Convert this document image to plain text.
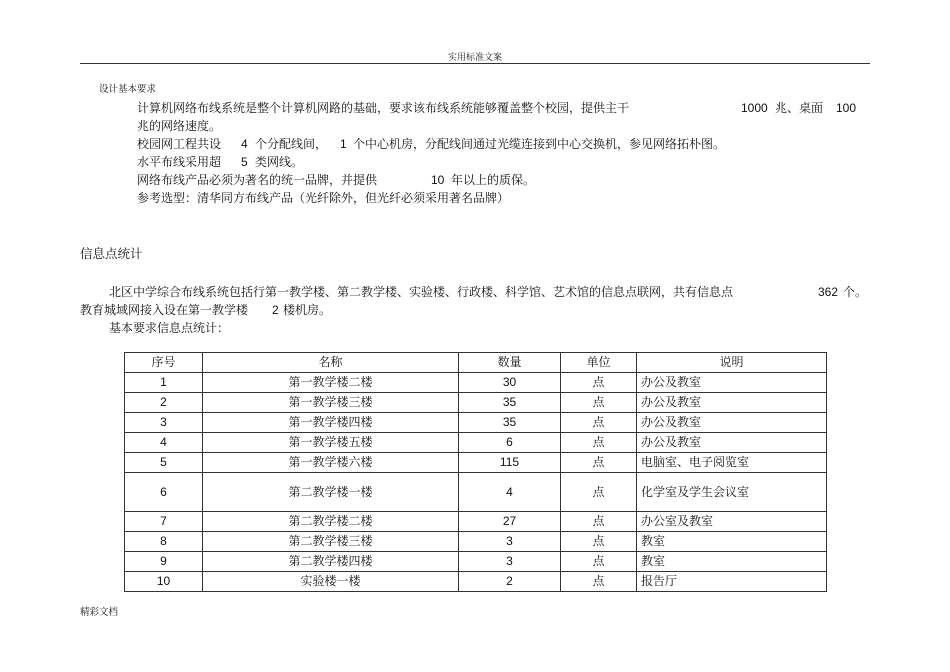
实用标准文案
设计基本要求
计算机网络布线系统是整个计算机网路的基础，要求该布线系统能够覆盖整个校园，提供主干	1000 兆、桌面 100
兆的网络速度。
校园网工程共设 4 个分配线间， 1 个中心机房，分配线间通过光缆连接到中心交换机，参见网络拓朴图。
水平布线采用超 5 类网线。
网络布线产品必须为著名的统一品牌，并提供	10 年以上的质保。
参考选型：清华同方布线产品（光纤除外，但光纤必须采用著名品牌）
信息点统计
北区中学综合布线系统包括行第一教学楼、第二教学楼、实验楼、行政楼、科学馆、艺术馆的信息点联网，共有信息点	362 个。
教育城域网接入设在第一教学楼 2 楼机房。
基本要求信息点统计：
序号	名称	数量	单位	说明
1	第一教学楼二楼	30	点	办公及教室
2	第一教学楼三楼	35	点	办公及教室
3	第一教学楼四楼	35	点	办公及教室
4	第一教学楼五楼	6	点	办公及教室
5	第一教学楼六楼	115	点	电脑室、电子阅览室
6	第二教学楼一楼	4	点	化学室及学生会议室
7	第二教学楼二楼	27	点	办公室及教室
8	第二教学楼三楼	3	点	教室
9	第二教学楼四楼	3	点	教室
10	实验楼一楼	2	点	报告厅
精彩文档
